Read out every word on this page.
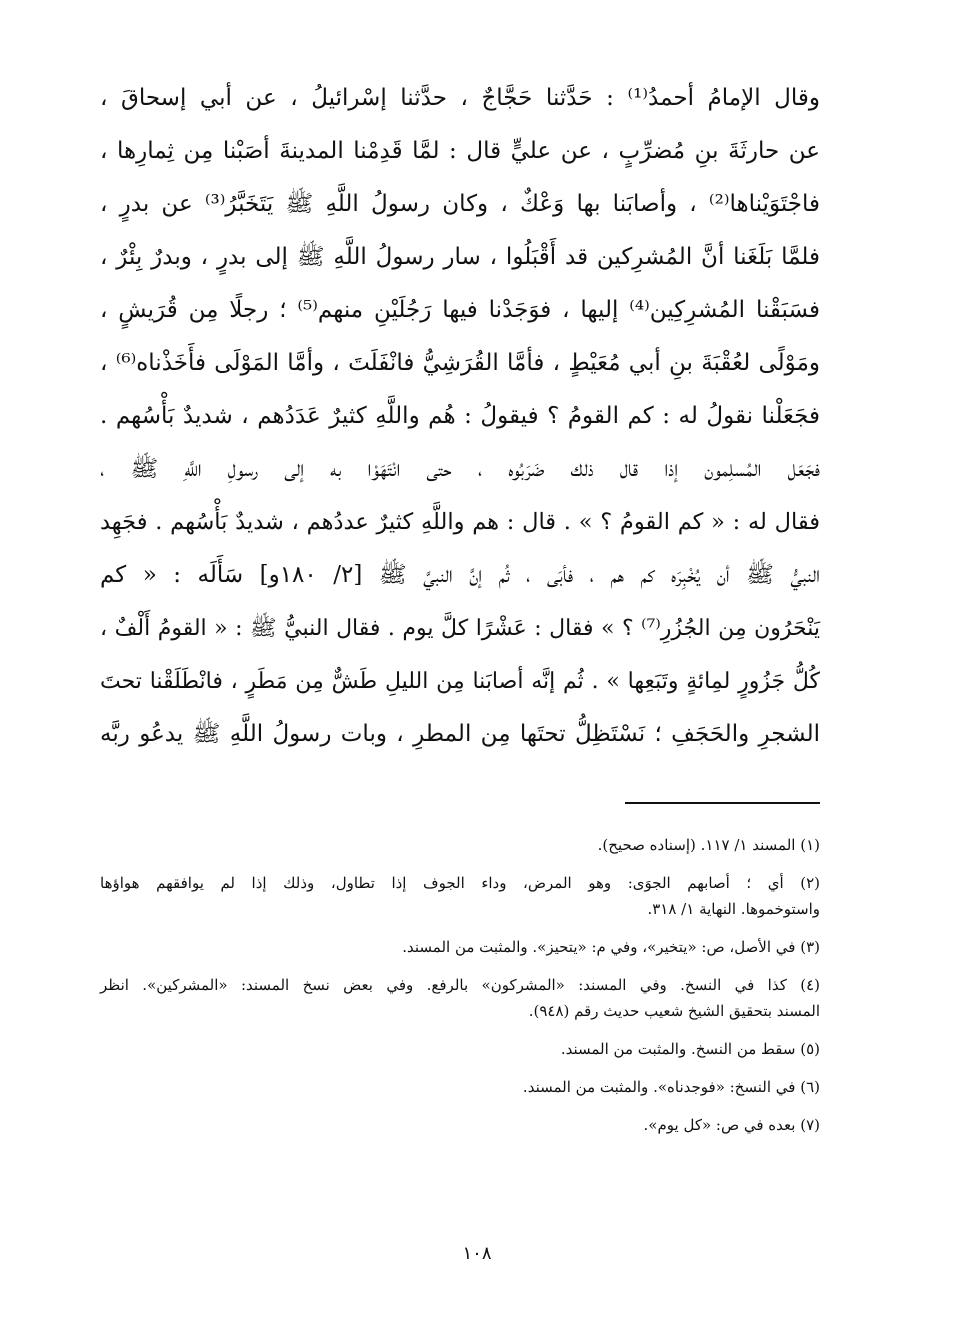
وقال الإمامُ أحمدُ⁽¹⁾ : حَدَّثنا حَجَّاجٌ ، حدَّثنا إسْرائيلُ ، عن أبي إسحاقَ ،
عن حارثَةَ بنِ مُضرِّبٍ ، عن عليٍّ قال : لمَّا قَدِمْنا المدينةَ أصَبْنا مِن ثِمارِها ،
فاجْتَوَيْناها⁽²⁾ ، وأصابَنا بها وَعْكٌ ، وكان رسولُ اللَّهِ ﷺ يَتَخَبَّرُ⁽³⁾ عن بدرٍ ،
فلمَّا بَلَغَنا أنَّ المُشرِكين قد أَقْبَلُوا ، سار رسولُ اللَّهِ ﷺ إلى بدرٍ ، وبدرٌ بِئْرٌ ،
فسَبَقْنا المُشرِكِين⁽⁴⁾ إليها ، فوَجَدْنا فيها رَجُلَيْنِ منهم⁽⁵⁾ ؛ رجلًا مِن قُرَيشٍ ،
ومَوْلًى لعُقْبَةَ بنِ أبي مُعَيْطٍ ، فأمَّا القُرَشِيُّ فانْفَلَتَ ، وأمَّا المَوْلَى فأَخَذْناه⁽⁶⁾ ،
فجَعَلْنا نقولُ له : كم القومُ ؟ فيقولُ : هُم واللَّهِ كثيرٌ عَدَدُهم ، شديدٌ بَأْسُهم .
فجَعَل المُسلِمون إذا قال ذلك ضَرَبُوه ، حتى انْتَهَوْا به إلى رسولِ اللَّهِ ﷺ ،
فقال له : « كم القومُ ؟ » . قال : هم واللَّهِ كثيرٌ عددُهم ، شديدٌ بَأْسُهم . فجَهِد
النبيُّ ﷺ أن يُخْبِرَه كم هم ، فأبَى ، ثُم إنَّ النبيَّ ﷺ [٢/ ١٨٠و] سَأَلَه : « كم
يَنْحَرُون مِن الجُزُرِ⁽⁷⁾ ؟ » فقال : عَشْرًا كلَّ يوم . فقال النبيُّ ﷺ : « القومُ أَلْفٌ ،
كُلُّ جَزُورٍ لمِائةٍ وتَبَعِها » . ثُم إنَّه أصابَنا مِن الليلِ طَشٌّ مِن مَطَرٍ ، فانْطَلَقْنا تحتَ
الشجرِ والحَجَفِ ؛ نَسْتَظِلُّ تحتَها مِن المطرِ ، وبات رسولُ اللَّهِ ﷺ يدعُو ربَّه
(١) المسند ١/ ١١٧. (إسناده صحيح).
(٢) أي ؛ أصابهم الجوَى: وهو المرض، وداء الجوف إذا تطاول، وذلك إذا لم يوافقهم هواؤها
واستوخموها. النهاية ١/ ٣١٨.
(٣) في الأصل، ص: «يتخير»، وفي م: «يتحيز». والمثبت من المسند.
(٤) كذا في النسخ. وفي المسند: «المشركون» بالرفع. وفي بعض نسخ المسند: «المشركين». انظر
المسند بتحقيق الشيخ شعيب حديث رقم (٩٤٨).
(٥) سقط من النسخ. والمثبت من المسند.
(٦) في النسخ: «فوجدناه». والمثبت من المسند.
(٧) بعده في ص: «كل يوم».
١٠٨
